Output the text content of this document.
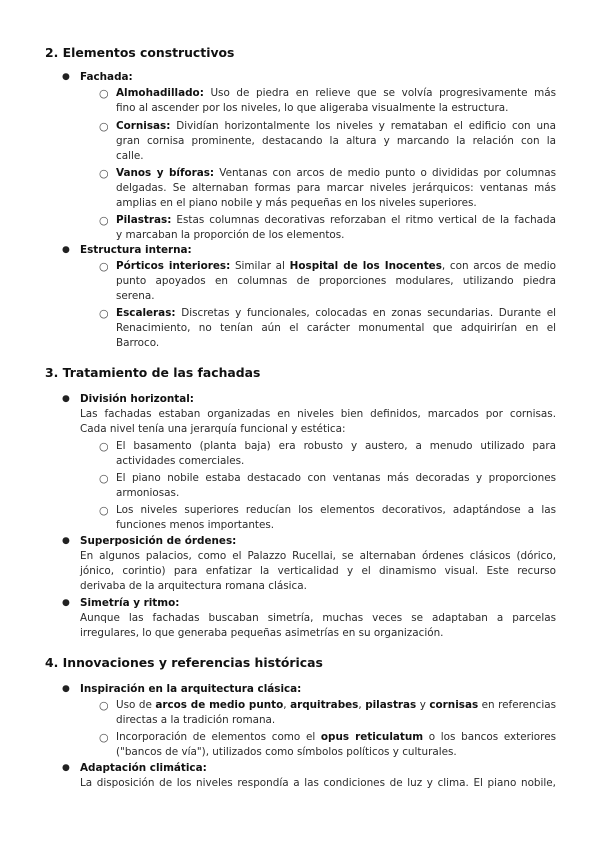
2. Elementos constructivos
● Fachada:
○ Almohadillado: Uso de piedra en relieve que se volvía progresivamente más
fino al ascender por los niveles, lo que aligeraba visualmente la estructura.
○ Cornisas: Dividían horizontalmente los niveles y remataban el edificio con una
gran cornisa prominente, destacando la altura y marcando la relación con la
calle.
○ Vanos y bíforas: Ventanas con arcos de medio punto o divididas por columnas
delgadas. Se alternaban formas para marcar niveles jerárquicos: ventanas más
amplias en el piano nobile y más pequeñas en los niveles superiores.
○ Pilastras: Estas columnas decorativas reforzaban el ritmo vertical de la fachada
y marcaban la proporción de los elementos.
● Estructura interna:
○ Pórticos interiores: Similar al Hospital de los Inocentes, con arcos de medio
punto apoyados en columnas de proporciones modulares, utilizando piedra
serena.
○ Escaleras: Discretas y funcionales, colocadas en zonas secundarias. Durante el
Renacimiento, no tenían aún el carácter monumental que adquirirían en el
Barroco.
3. Tratamiento de las fachadas
● División horizontal:
Las fachadas estaban organizadas en niveles bien definidos, marcados por cornisas.
Cada nivel tenía una jerarquía funcional y estética:
○ El basamento (planta baja) era robusto y austero, a menudo utilizado para
actividades comerciales.
○ El piano nobile estaba destacado con ventanas más decoradas y proporciones
armoniosas.
○ Los niveles superiores reducían los elementos decorativos, adaptándose a las
funciones menos importantes.
● Superposición de órdenes:
En algunos palacios, como el Palazzo Rucellai, se alternaban órdenes clásicos (dórico,
jónico, corintio) para enfatizar la verticalidad y el dinamismo visual. Este recurso
derivaba de la arquitectura romana clásica.
● Simetría y ritmo:
Aunque las fachadas buscaban simetría, muchas veces se adaptaban a parcelas
irregulares, lo que generaba pequeñas asimetrías en su organización.
4. Innovaciones y referencias históricas
● Inspiración en la arquitectura clásica:
○ Uso de arcos de medio punto, arquitrabes, pilastras y cornisas en referencias
directas a la tradición romana.
○ Incorporación de elementos como el opus reticulatum o los bancos exteriores
("bancos de vía"), utilizados como símbolos políticos y culturales.
● Adaptación climática:
La disposición de los niveles respondía a las condiciones de luz y clima. El piano nobile,
